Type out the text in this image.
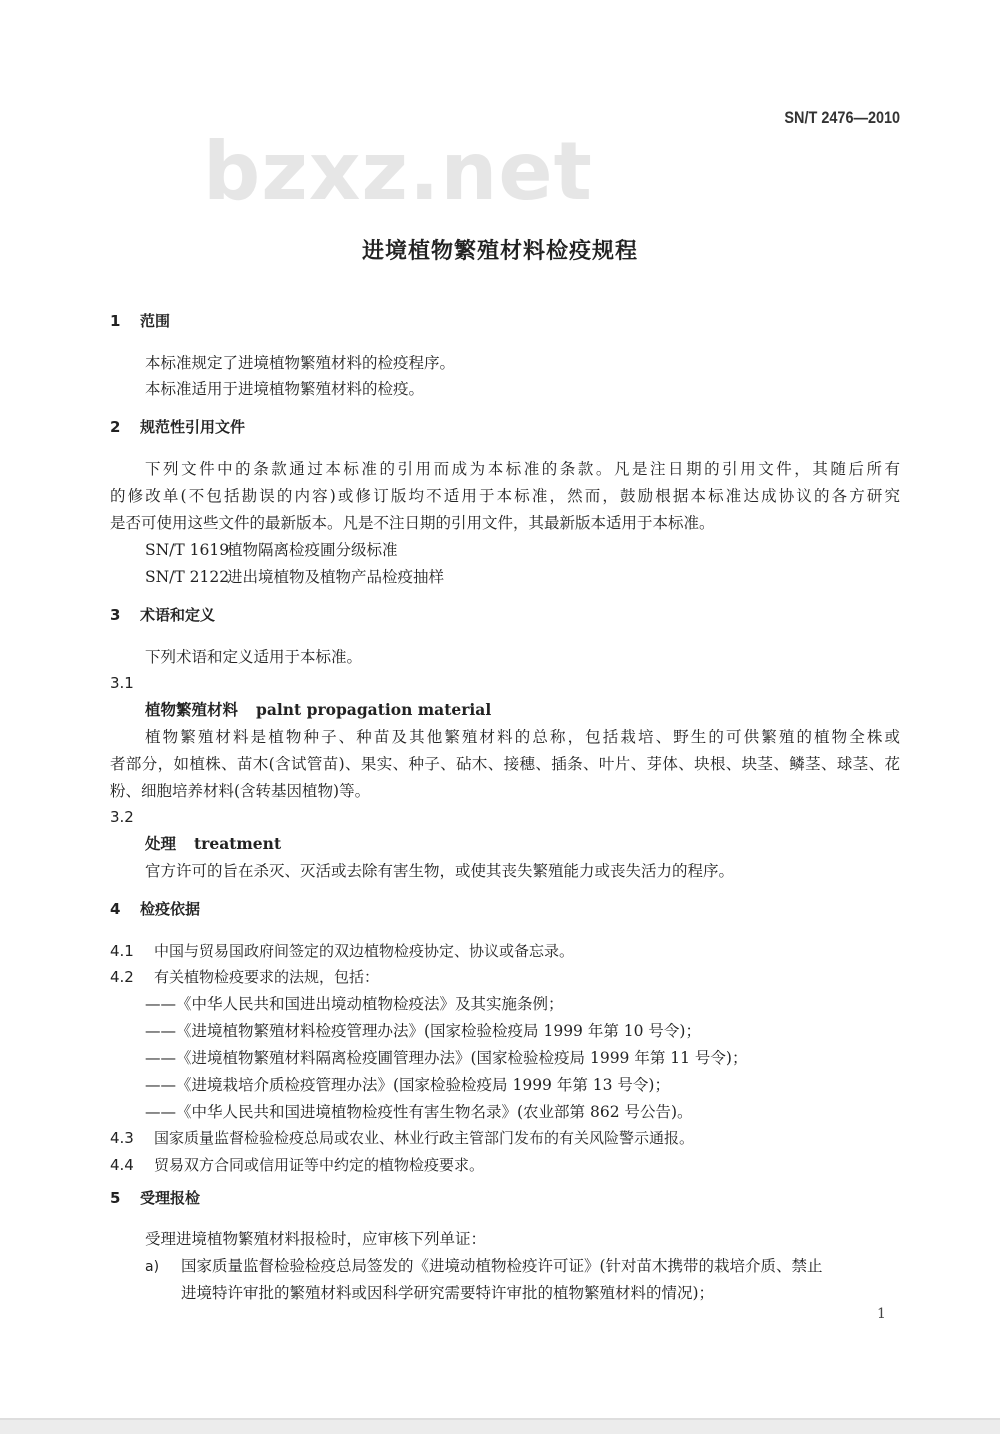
SN/T 2476—2010
bzxz.net
进境植物繁殖材料检疫规程
1 范围
本标准规定了进境植物繁殖材料的检疫程序。
本标准适用于进境植物繁殖材料的检疫。
2 规范性引用文件
下列文件中的条款通过本标准的引用而成为本标准的条款。凡是注日期的引用文件，其随后所有
的修改单(不包括勘误的内容)或修订版均不适用于本标准，然而，鼓励根据本标准达成协议的各方研究
是否可使用这些文件的最新版本。凡是不注日期的引用文件，其最新版本适用于本标准。
SN/T 1619植物隔离检疫圃分级标准
SN/T 2122进出境植物及植物产品检疫抽样
3 术语和定义
下列术语和定义适用于本标准。
3.1
植物繁殖材料 palnt propagation material
植物繁殖材料是植物种子、种苗及其他繁殖材料的总称，包括栽培、野生的可供繁殖的植物全株或
者部分，如植株、苗木(含试管苗)、果实、种子、砧木、接穗、插条、叶片、芽体、块根、块茎、鳞茎、球茎、花
粉、细胞培养材料(含转基因植物)等。
3.2
处理 treatment
官方许可的旨在杀灭、灭活或去除有害生物，或使其丧失繁殖能力或丧失活力的程序。
4 检疫依据
4.1 中国与贸易国政府间签定的双边植物检疫协定、协议或备忘录。
4.2 有关植物检疫要求的法规，包括：
——《中华人民共和国进出境动植物检疫法》及其实施条例；
——《进境植物繁殖材料检疫管理办法》(国家检验检疫局 1999 年第 10 号令)；
——《进境植物繁殖材料隔离检疫圃管理办法》(国家检验检疫局 1999 年第 11 号令)；
——《进境栽培介质检疫管理办法》(国家检验检疫局 1999 年第 13 号令)；
——《中华人民共和国进境植物检疫性有害生物名录》(农业部第 862 号公告)。
4.3 国家质量监督检验检疫总局或农业、林业行政主管部门发布的有关风险警示通报。
4.4 贸易双方合同或信用证等中约定的植物检疫要求。
5 受理报检
受理进境植物繁殖材料报检时，应审核下列单证：
a) 国家质量监督检验检疫总局签发的《进境动植物检疫许可证》(针对苗木携带的栽培介质、禁止
进境特许审批的繁殖材料或因科学研究需要特许审批的植物繁殖材料的情况)；
1
